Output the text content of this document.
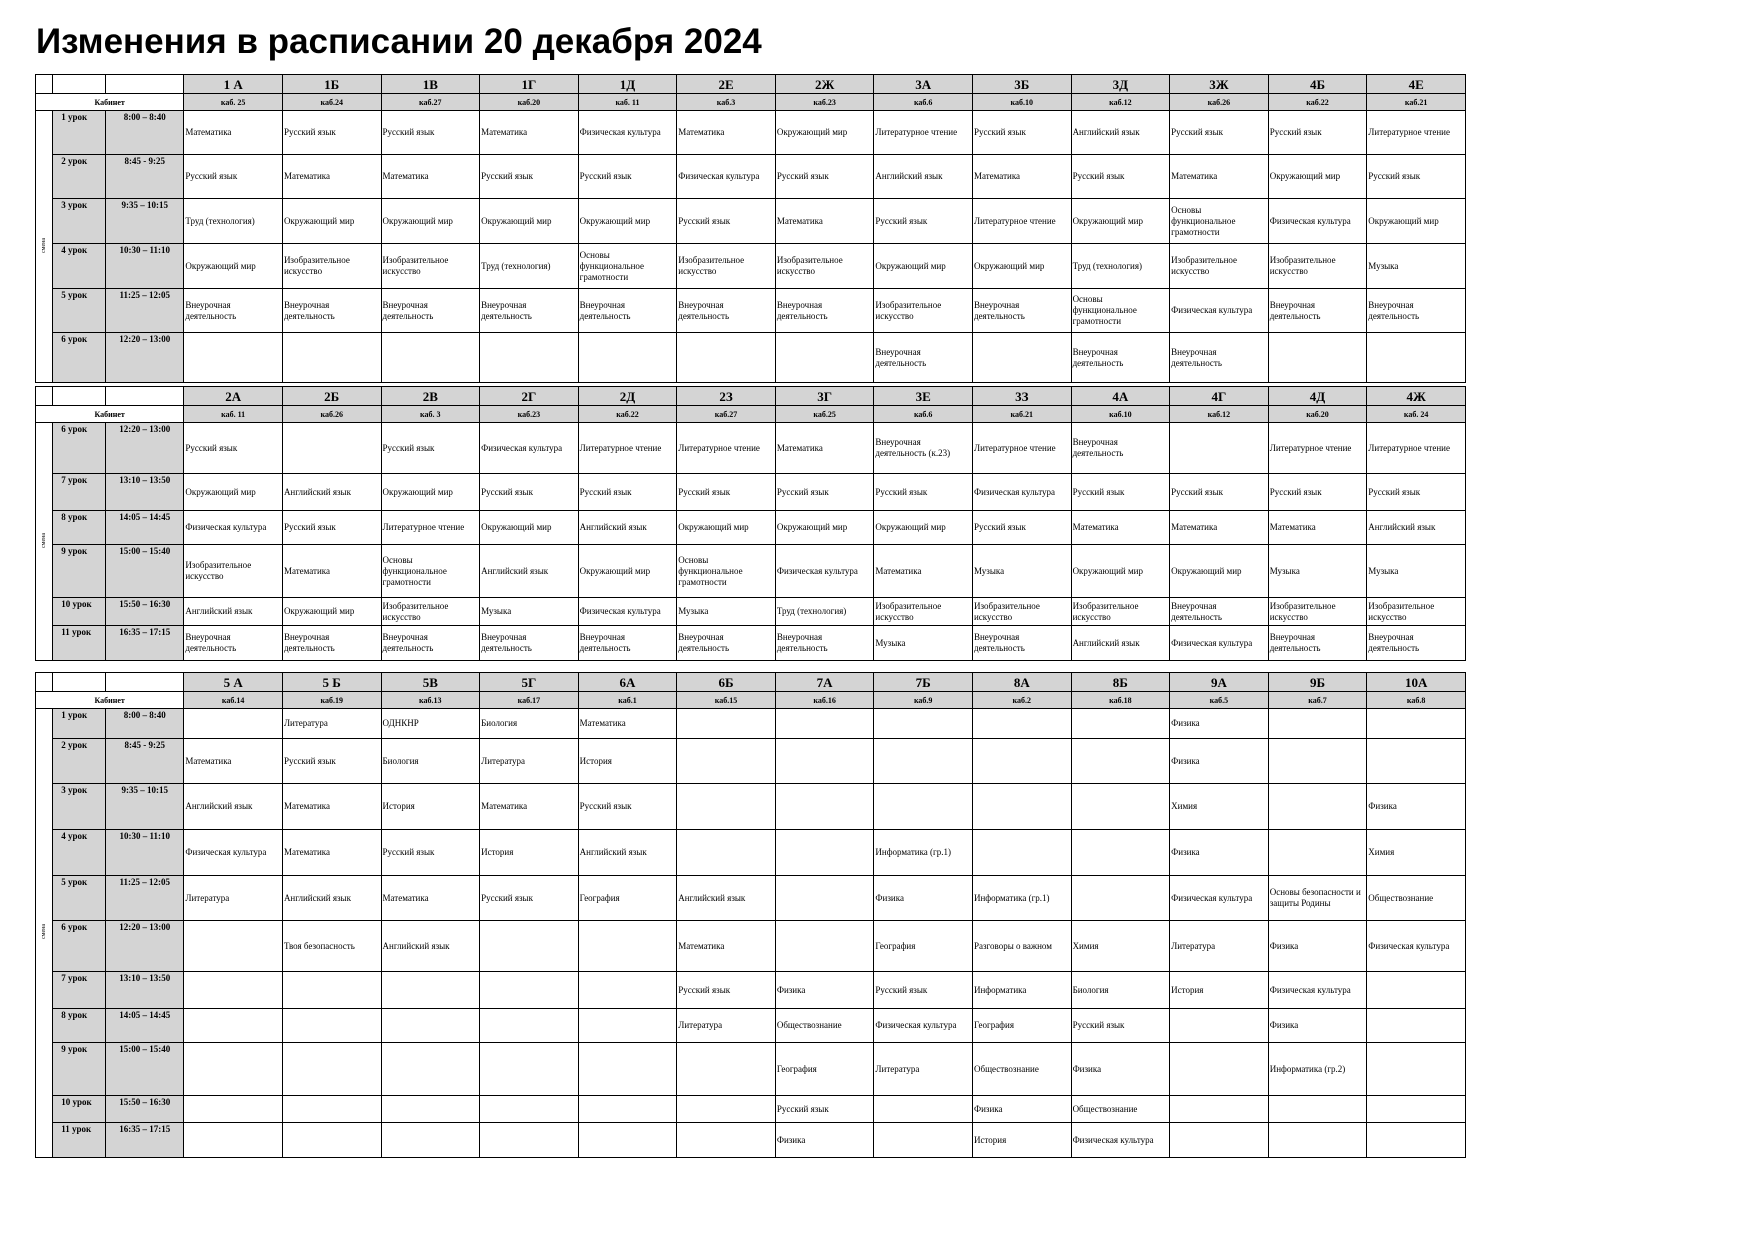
Изменения в расписании 20 декабря 2024
			1 А	1Б	1В	1Г	1Д	2Е	2Ж	3А	3Б	3Д	3Ж	4Б	4Е
Кабинет			каб. 25	каб.24	каб.27	каб.20	каб. 11	каб.3	каб.23	каб.6	каб.10	каб.12	каб.26	каб.22	каб.21
смена	1 урок	8:00 – 8:40	Математика	Русский язык	Русский язык	Математика	Физическая культура	Математика	Окружающий мир	Литературное чтение	Русский язык	Английский язык	Русский язык	Русский язык	Литературное чтение
	2 урок	8:45 - 9:25	Русский язык	Математика	Математика	Русский язык	Русский язык	Физическая культура	Русский язык	Английский язык	Математика	Русский язык	Математика	Окружающий мир	Русский язык
	3 урок	9:35 – 10:15	Труд (технология)	Окружающий мир	Окружающий мир	Окружающий мир	Окружающий мир	Русский язык	Математика	Русский язык	Литературное чтение	Окружающий мир	Основы функциональное грамотности	Физическая культура	Окружающий мир
	4 урок	10:30 – 11:10	Окружающий мир	Изобразительное искусство	Изобразительное искусство	Труд (технология)	Основы функциональное грамотности	Изобразительное искусство	Изобразительное искусство	Окружающий мир	Окружающий мир	Труд (технология)	Изобразительное искусство	Изобразительное искусство	Музыка
	5 урок	11:25 – 12:05	Внеурочная деятельность	Внеурочная деятельность	Внеурочная деятельность	Внеурочная деятельность	Внеурочная деятельность	Внеурочная деятельность	Внеурочная деятельность	Изобразительное искусство	Внеурочная деятельность	Основы функциональное грамотности	Физическая культура	Внеурочная деятельность	Внеурочная деятельность
	6 урок	12:20 – 13:00								Внеурочная деятельность		Внеурочная деятельность	Внеурочная деятельность		
			2А	2Б	2В	2Г	2Д	2З	3Г	3Е	3З	4А	4Г	4Д	4Ж
Кабинет			каб. 11	каб.26	каб. 3	каб.23	каб.22	каб.27	каб.25	каб.6	каб.21	каб.10	каб.12	каб.20	каб. 24
смена	6 урок	12:20 – 13:00	Русский язык		Русский язык	Физическая культура	Литературное чтение	Литературное чтение	Математика	Внеурочная деятельность (к.23)	Литературное чтение	Внеурочная деятельность		Литературное чтение	Литературное чтение
	7 урок	13:10 – 13:50	Окружающий мир	Английский язык	Окружающий мир	Русский язык	Русский язык	Русский язык	Русский язык	Русский язык	Физическая культура	Русский язык	Русский язык	Русский язык	Русский язык
	8 урок	14:05 – 14:45	Физическая культура	Русский язык	Литературное чтение	Окружающий мир	Английский язык	Окружающий мир	Окружающий мир	Окружающий мир	Русский язык	Математика	Математика	Математика	Английский язык
	9 урок	15:00 – 15:40	Изобразительное искусство	Математика	Основы функциональное грамотности	Английский язык	Окружающий мир	Основы функциональное грамотности	Физическая культура	Математика	Музыка	Окружающий мир	Окружающий мир	Музыка	Музыка
	10 урок	15:50 – 16:30	Английский язык	Окружающий мир	Изобразительное искусство	Музыка	Физическая культура	Музыка	Труд (технология)	Изобразительное искусство	Изобразительное искусство	Изобразительное искусство	Внеурочная деятельность	Изобразительное искусство	Изобразительное искусство
	11 урок	16:35 – 17:15	Внеурочная деятельность	Внеурочная деятельность	Внеурочная деятельность	Внеурочная деятельность	Внеурочная деятельность	Внеурочная деятельность	Внеурочная деятельность	Музыка	Внеурочная деятельность	Английский язык	Физическая культура	Внеурочная деятельность	Внеурочная деятельность
			5 А	5 Б	5В	5Г	6А	6Б	7А	7Б	8А	8Б	9А	9Б	10А
Кабинет			каб.14	каб.19	каб.13	каб.17	каб.1	каб.15	каб.16	каб.9	каб.2	каб.18	каб.5	каб.7	каб.8
смена	1 урок	8:00 – 8:40		Литература	ОДНКНР	Биология	Математика						Физика		
	2 урок	8:45 - 9:25	Математика	Русский язык	Биология	Литература	История						Физика		
	3 урок	9:35 – 10:15	Английский язык	Математика	История	Математика	Русский язык						Химия		Физика
	4 урок	10:30 – 11:10	Физическая культура	Математика	Русский язык	История	Английский язык			Информатика (гр.1)			Физика		Химия
	5 урок	11:25 – 12:05	Литература	Английский язык	Математика	Русский язык	География	Английский язык		Физика	Информатика (гр.1)		Физическая культура	Основы безопасности и защиты Родины	Обществознание
	6 урок	12:20 – 13:00		Твоя безопасность	Английский язык			Математика		География	Разговоры о важном	Химия	Литература	Физика	Физическая культура
	7 урок	13:10 – 13:50						Русский язык	Физика	Русский язык	Информатика	Биология	История	Физическая культура	
	8 урок	14:05 – 14:45						Литература	Обществознание	Физическая культура	География	Русский язык		Физика	
	9 урок	15:00 – 15:40							География	Литература	Обществознание	Физика		Информатика (гр.2)	
	10 урок	15:50 – 16:30							Русский язык		Физика	Обществознание			
	11 урок	16:35 – 17:15							Физика		История	Физическая культура			
